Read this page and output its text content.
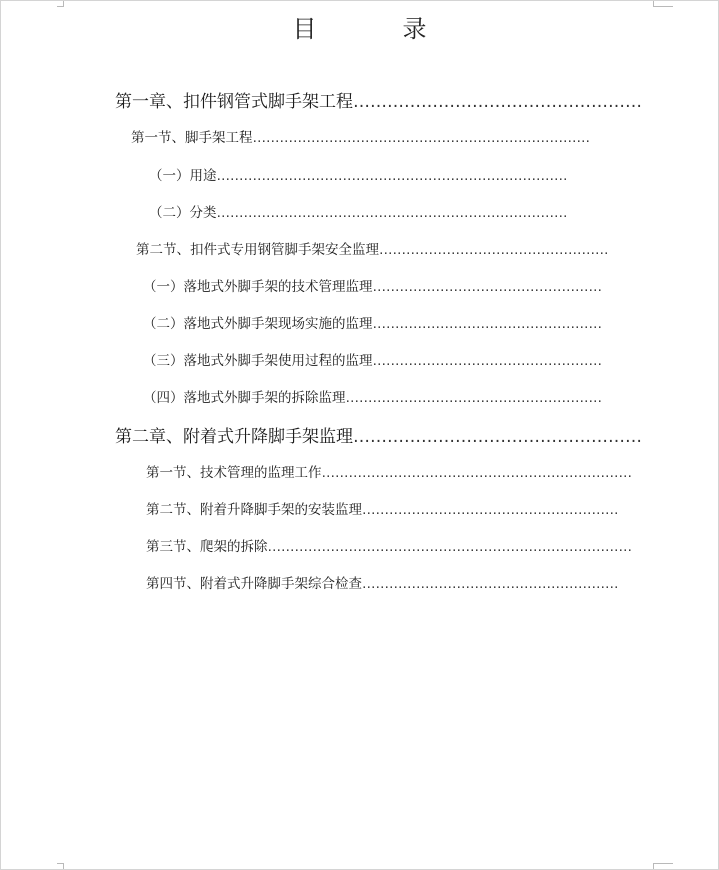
目	录
第一章、扣件钢管式脚手架工程……………………………………………
第一节、脚手架工程…………………………………………………………………
（一）用途……………………………………………………………………
（二）分类……………………………………………………………………
第二节、扣件式专用钢管脚手架安全监理……………………………………………
（一）落地式外脚手架的技术管理监理……………………………………………
（二）落地式外脚手架现场实施的监理……………………………………………
（三）落地式外脚手架使用过程的监理……………………………………………
（四）落地式外脚手架的拆除监理…………………………………………………
第二章、附着式升降脚手架监理……………………………………………
第一节、技术管理的监理工作……………………………………………………………
第二节、附着升降脚手架的安装监理…………………………………………………
第三节、爬架的拆除………………………………………………………………………
第四节、附着式升降脚手架综合检查…………………………………………………
